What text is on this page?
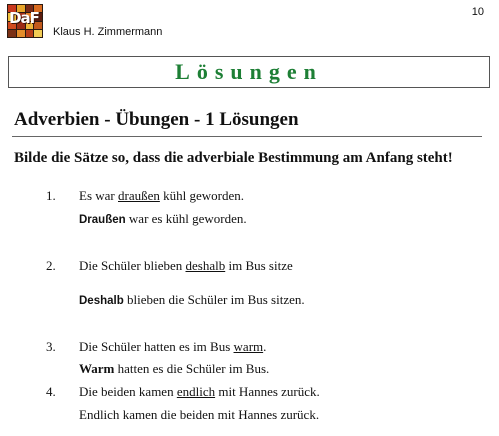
DaF
Klaus H. Zimmermann
10
Lösungen
Adverbien - Übungen - 1 Lösungen
Bilde die Sätze so, dass die adverbiale Bestimmung am Anfang steht!
1. Es war draußen kühl geworden.
Draußen war es kühl geworden.
2. Die Schüler blieben deshalb im Bus sitze
Deshalb blieben die Schüler im Bus sitzen.
3. Die Schüler hatten es im Bus warm.
Warm hatten es die Schüler im Bus.
4. Die beiden kamen endlich mit Hannes zurück.
Endlich kamen die beiden mit Hannes zurück.
